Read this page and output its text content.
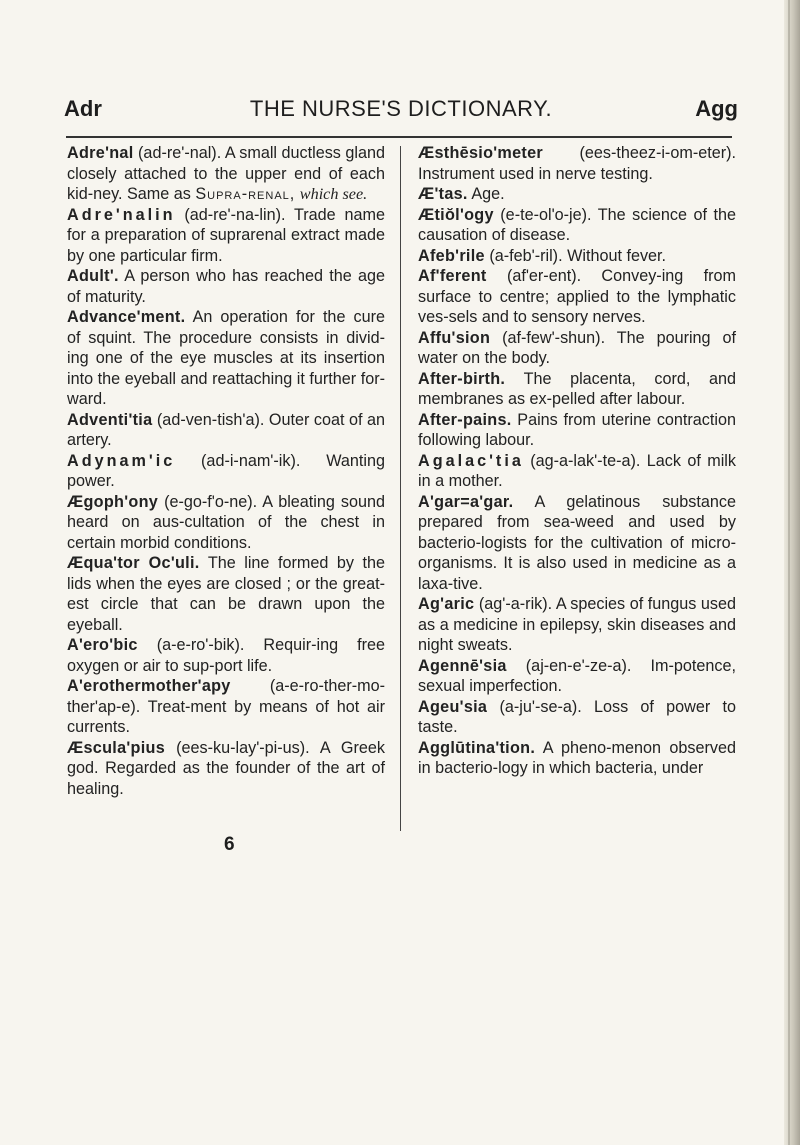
Adr	THE NURSE'S DICTIONARY.	Agg

Adre'nal (ad-re'-nal). A small ductless gland closely attached to the upper end of each kid-ney. Same as Supra-renal, which see.

Adre'nalin (ad-re'-na-lin). Trade name for a preparation of suprarenal extract made by one particular firm.

Adult'. A person who has reached the age of maturity.

Advance'ment. An operation for the cure of squint. The procedure consists in divid-ing one of the eye muscles at its insertion into the eyeball and reattaching it further for-ward.

Adventi'tia (ad-ven-tish'a). Outer coat of an artery.

Adynam'ic (ad-i-nam'-ik). Wanting power.

Ægoph'ony (e-go-f'o-ne). A bleating sound heard on aus-cultation of the chest in certain morbid conditions.

Æqua'tor Oc'uli. The line formed by the lids when the eyes are closed ; or the great-est circle that can be drawn upon the eyeball.

A'ero'bic (a-e-ro'-bik). Requir-ing free oxygen or air to sup-port life.

A'erothermother'apy (a-e-ro-ther-mo-ther'ap-e). Treat-ment by means of hot air currents.

Æscula'pius (ees-ku-lay'-pi-us). A Greek god. Regarded as the founder of the art of healing.

Æsthēsio'meter (ees-theez-i-om-eter). Instrument used in nerve testing.

Æ'tas. Age.

Ætiŏl'ogy (e-te-ol'o-je). The science of the causation of disease.

Afeb'rile (a-feb'-ril). Without fever.

Af'ferent (af'er-ent). Convey-ing from surface to centre; applied to the lymphatic ves-sels and to sensory nerves.

Affu'sion (af-few'-shun). The pouring of water on the body.

After-birth. The placenta, cord, and membranes as ex-pelled after labour.

After-pains. Pains from uterine contraction following labour.

Agalac'tia (ag-a-lak'-te-a). Lack of milk in a mother.

A'gar=a'gar. A gelatinous substance prepared from sea-weed and used by bacterio-logists for the cultivation of micro-organisms. It is also used in medicine as a laxa-tive.

Ag'aric (ag'-a-rik). A species of fungus used as a medicine in epilepsy, skin diseases and night sweats.

Agennē'sia (aj-en-e'-ze-a). Im-potence, sexual imperfection.

Ageu'sia (a-ju'-se-a). Loss of power to taste.

Agglūtina'tion. A pheno-menon observed in bacterio-logy in which bacteria, under

6
